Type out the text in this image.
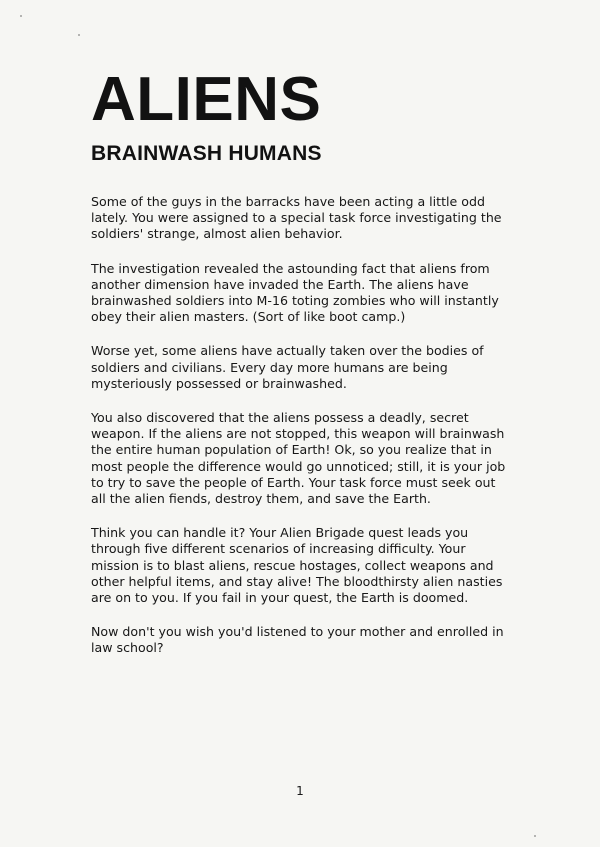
ALIENS
BRAINWASH HUMANS

Some of the guys in the barracks have been acting a little odd lately. You were assigned to a special task force investigating the soldiers' strange, almost alien behavior.

The investigation revealed the astounding fact that aliens from another dimension have invaded the Earth. The aliens have brainwashed soldiers into M-16 toting zombies who will instantly obey their alien masters. (Sort of like boot camp.)

Worse yet, some aliens have actually taken over the bodies of soldiers and civilians. Every day more humans are being mysteriously possessed or brainwashed.

You also discovered that the aliens possess a deadly, secret weapon. If the aliens are not stopped, this weapon will brainwash the entire human population of Earth! Ok, so you realize that in most people the difference would go unnoticed; still, it is your job to try to save the people of Earth. Your task force must seek out all the alien fiends, destroy them, and save the Earth.

Think you can handle it? Your Alien Brigade quest leads you through five different scenarios of increasing difficulty. Your mission is to blast aliens, rescue hostages, collect weapons and other helpful items, and stay alive! The bloodthirsty alien nasties are on to you. If you fail in your quest, the Earth is doomed.

Now don't you wish you'd listened to your mother and enrolled in law school?

1
